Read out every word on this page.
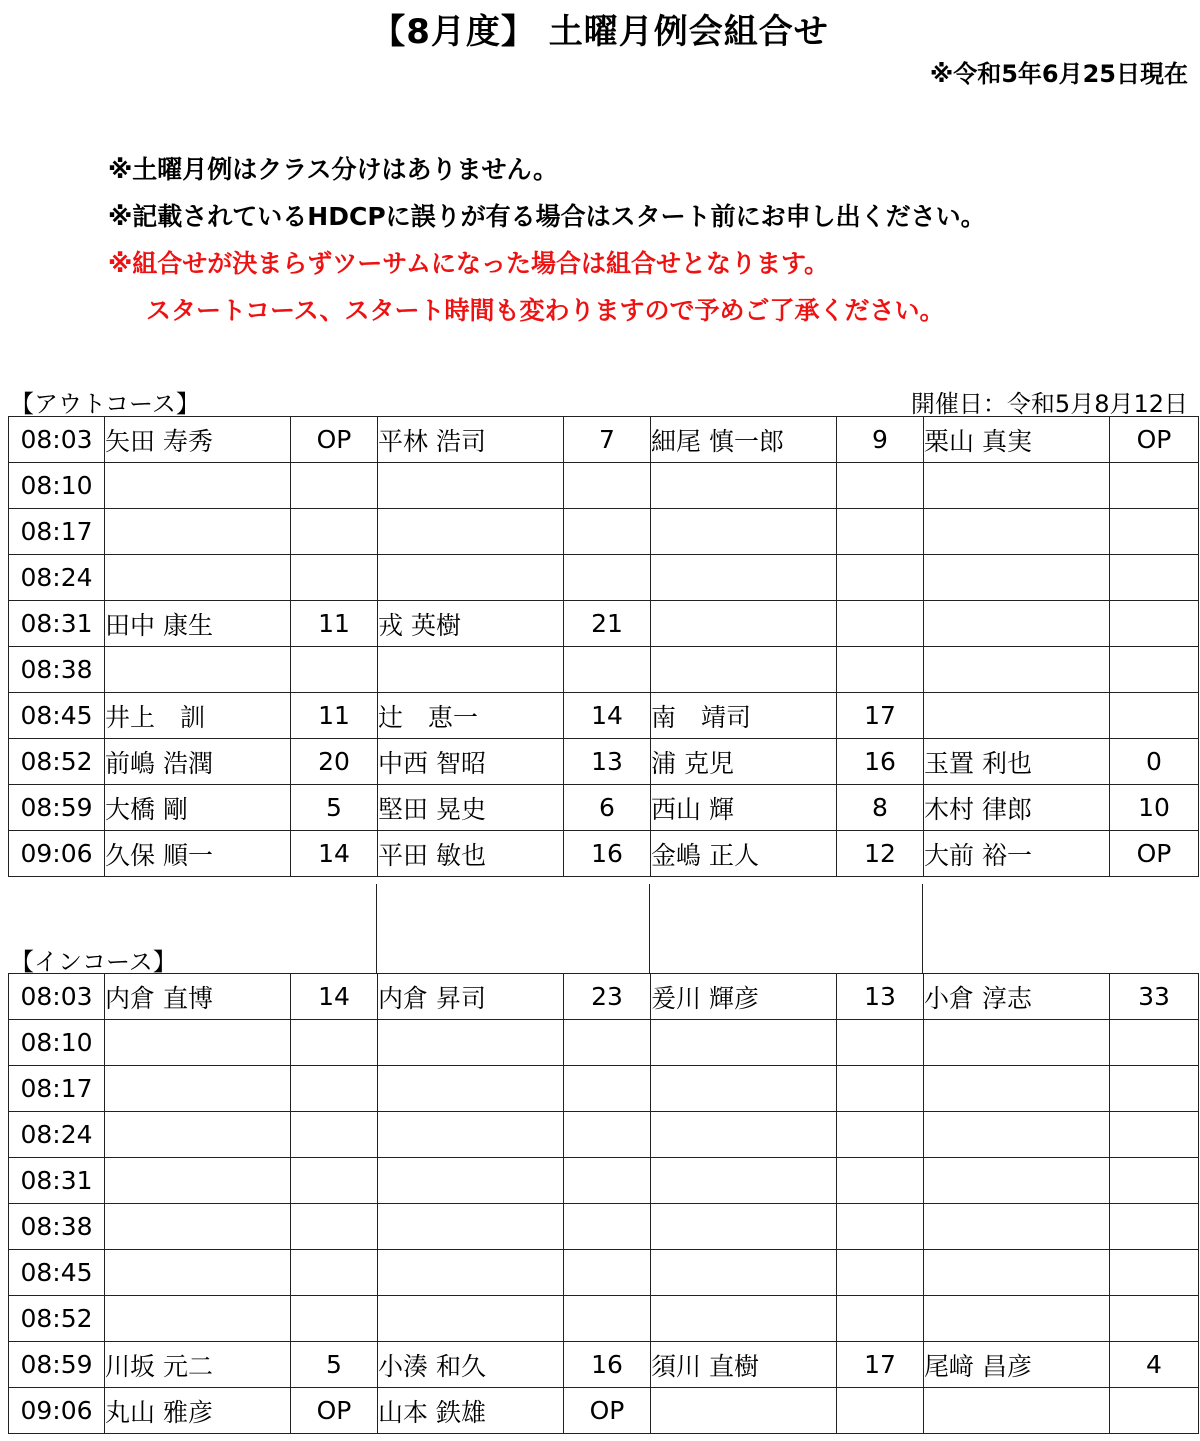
【8月度】 土曜月例会組合せ
※令和5年6月25日現在
※土曜月例はクラス分けはありません。
※記載されているHDCPに誤りが有る場合はスタート前にお申し出ください。
※組合せが決まらずツーサムになった場合は組合せとなります。
スタートコース、スタート時間も変わりますので予めご了承ください。
【アウトコース】	開催日：令和5月8月12日
08:03	矢田 寿秀	OP	平林 浩司	7	細尾 慎一郎	9	栗山 真実	OP
08:10								
08:17								
08:24								
08:31	田中 康生	11	戎 英樹	21				
08:38								
08:45	井上　訓	11	辻　恵一	14	南　靖司	17		
08:52	前嶋 浩潤	20	中西 智昭	13	浦 克児	16	玉置 利也	0
08:59	大橋 剛	5	堅田 晃史	6	西山 輝	8	木村 律郎	10
09:06	久保 順一	14	平田 敏也	16	金嶋 正人	12	大前 裕一	OP
【インコース】
08:03	内倉 直博	14	内倉 昇司	23	爰川 輝彦	13	小倉 淳志	33
08:10								
08:17								
08:24								
08:31								
08:38								
08:45								
08:52								
08:59	川坂 元二	5	小湊 和久	16	須川 直樹	17	尾﨑 昌彦	4
09:06	丸山 雅彦	OP	山本 鉄雄	OP				
